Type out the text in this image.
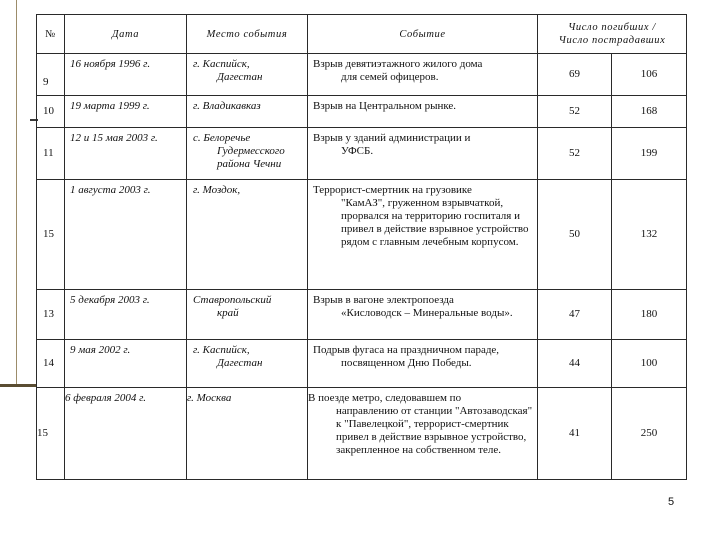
№	Дата	Место события	Событие	Число погибших / Число пострадавших	

9	16 ноября 1996 г.	г. Каспийск,
Дагестан	Взрыв девятиэтажного жилого дома
для семей офицеров.	69	106

10	19 марта 1999 г.	г. Владикавказ	Взрыв на Центральном рынке.	52	168

11	12 и 15 мая 2003 г.	с. Белоречье
Гудермесского района Чечни	Взрыв у зданий администрации и
УФСБ.	52	199

15	1 августа 2003 г.	г. Моздок,	Террорист-смертник на грузовике
"КамАЗ", груженном взрывчаткой, прорвался на территорию госпиталя и привел в действие взрывное устройство рядом с главным лечебным корпусом.	50	132

13	5 декабря 2003 г.	Ставропольский
край	Взрыв в вагоне электропоезда
«Кисловодск – Минеральные воды».	47	180

14	9 мая 2002 г.	г. Каспийск,
Дагестан	Подрыв фугаса на праздничном параде,
посвященном Дню Победы.	44	100

15	6 февраля 2004 г.	г. Москва	В поезде метро, следовавшем по
направлению от станции "Автозаводская" к "Павелецкой", террорист-смертник привел в действие взрывное устройство, закрепленное на собственном теле.	41	250
5
